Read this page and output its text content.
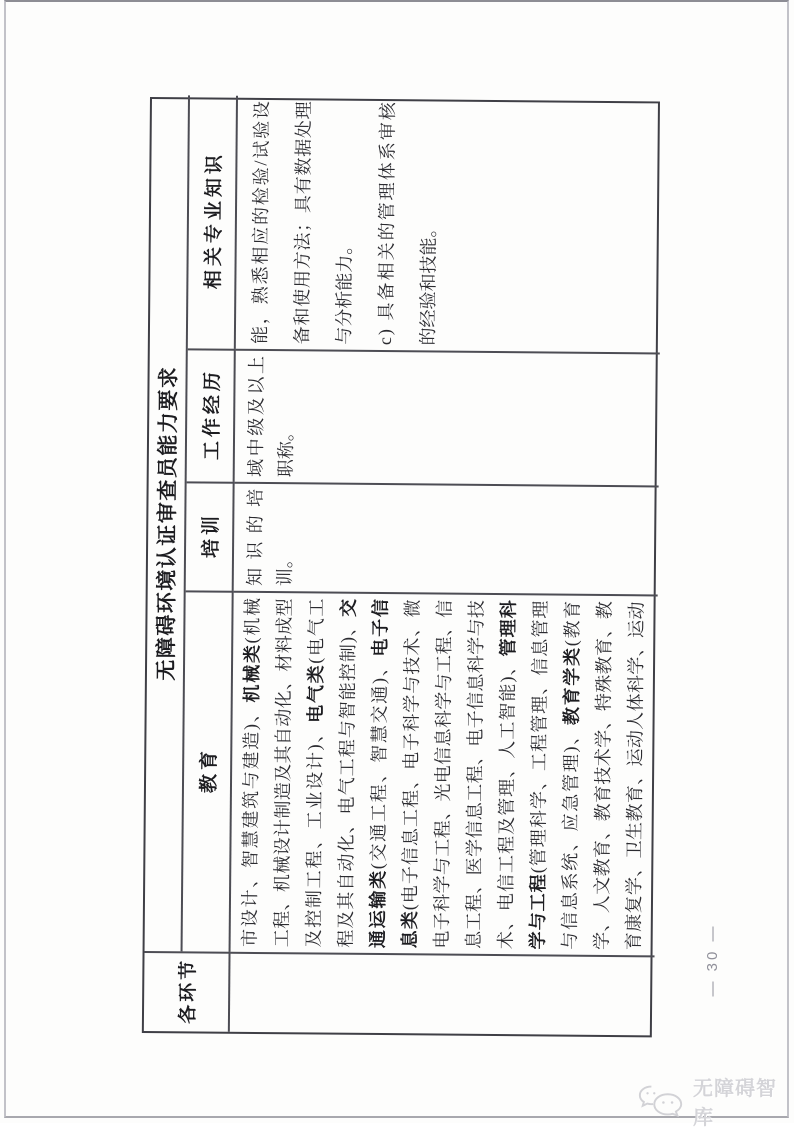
各环节
无障碍环境认证审查员能力要求
教育
培训
工作经历
相关专业知识
市
设
计
、
智
慧
建
筑
与
建
造
)
、
机
械
类
(
机
械
工
程
、
机
械
设
计
制
造
及
其
自
动
化
、
材
料
成
型
及
控
制
工
程
、
工
业
设
计
)
、
电
气
类
(
电
气
工
程
及
其
自
动
化
、
电
气
工
程
与
智
能
控
制
)
、
交
通
运
输
类
(
交
通
工
程
、
智
慧
交
通
)
、
电
子
信
息
类
(
电
子
信
息
工
程
、
电
子
科
学
与
技
术
、
微
电
子
科
学
与
工
程
、
光
电
信
息
科
学
与
工
程
、
信
息
工
程
、
医
学
信
息
工
程
、
电
子
信
息
科
学
与
技
术
、
电
信
工
程
及
管
理
、
人
工
智
能
)
、
管
理
科
学
与
工
程
(
管
理
科
学
、
工
程
管
理
、
信
息
管
理
与
信
息
系
统
、
应
急
管
理
)
、
教
育
学
类
(
教
育
学
、
人
文
教
育
、
教
育
技
术
学
、
特
殊
教
育
、
教
育
康
复
学
、
卫
生
教
育
、
运
动
人
体
科
学
、
运
动
知
识
的
培
训
。
域
中
级
及
以
上
职
称
。
能
，
熟
悉
相
应
的
检
验
/
试
验
设
备
和
使
用
方
法
；
具
有
数
据
处
理
与
分
析
能
力
。
c
)

具
备
相
关
的
管
理
体
系
审
核
的
经
验
和
技
能
。
— 30 —
无障碍智库
